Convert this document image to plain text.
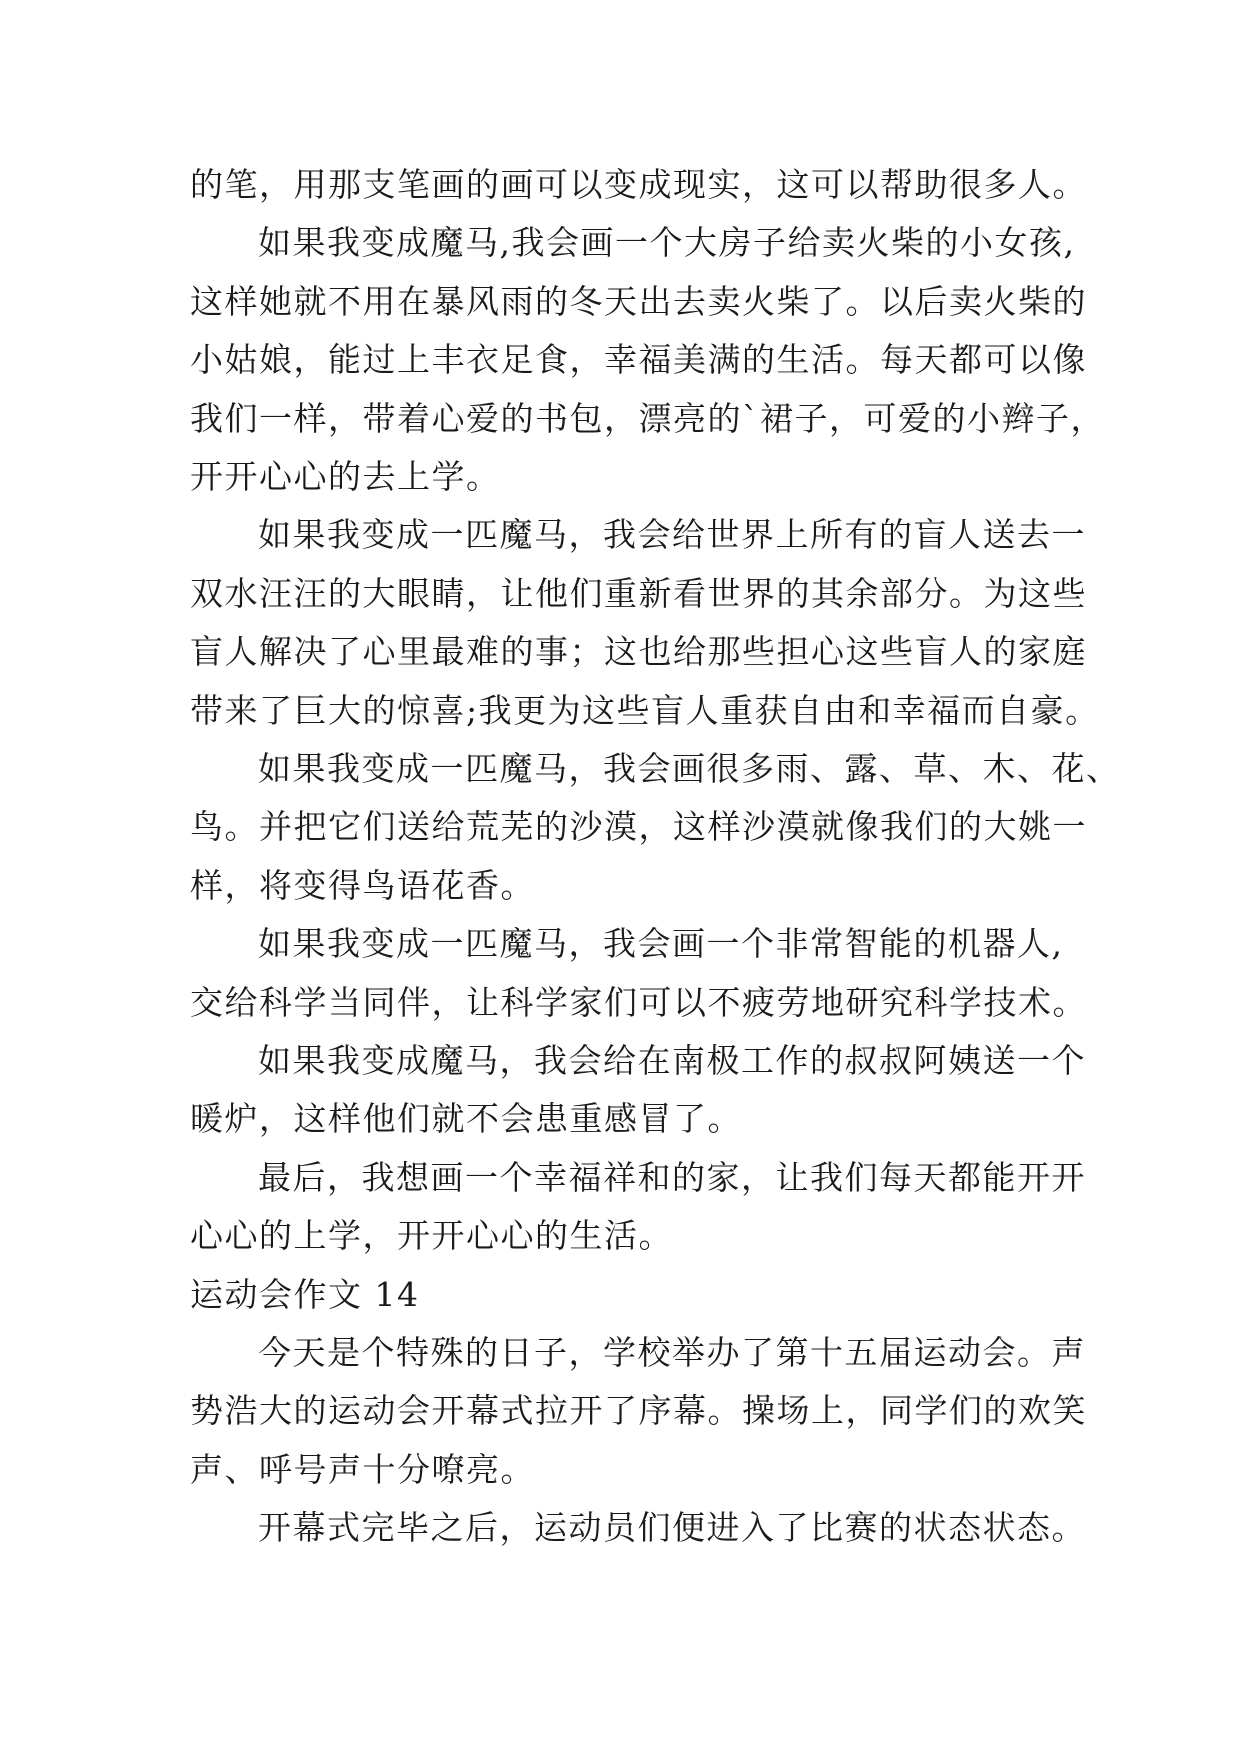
的笔，用那支笔画的画可以变成现实，这可以帮助很多人。

如果我变成魔马,我会画一个大房子给卖火柴的小女孩,

这样她就不用在暴风雨的冬天出去卖火柴了。以后卖火柴的

小姑娘，能过上丰衣足食，幸福美满的生活。每天都可以像

我们一样，带着心爱的书包，漂亮的`裙子，可爱的小辫子，

开开心心的去上学。

如果我变成一匹魔马，我会给世界上所有的盲人送去一

双水汪汪的大眼睛，让他们重新看世界的其余部分。为这些

盲人解决了心里最难的事；这也给那些担心这些盲人的家庭

带来了巨大的惊喜;我更为这些盲人重获自由和幸福而自豪。

如果我变成一匹魔马，我会画很多雨、露、草、木、花、

鸟。并把它们送给荒芜的沙漠，这样沙漠就像我们的大姚一

样，将变得鸟语花香。

如果我变成一匹魔马，我会画一个非常智能的机器人,

交给科学当同伴，让科学家们可以不疲劳地研究科学技术。

如果我变成魔马，我会给在南极工作的叔叔阿姨送一个

暖炉，这样他们就不会患重感冒了。

最后，我想画一个幸福祥和的家，让我们每天都能开开

心心的上学，开开心心的生活。

运动会作文 14

今天是个特殊的日子，学校举办了第十五届运动会。声

势浩大的运动会开幕式拉开了序幕。操场上，同学们的欢笑

声、呼号声十分嘹亮。

开幕式完毕之后，运动员们便进入了比赛的状态状态。
